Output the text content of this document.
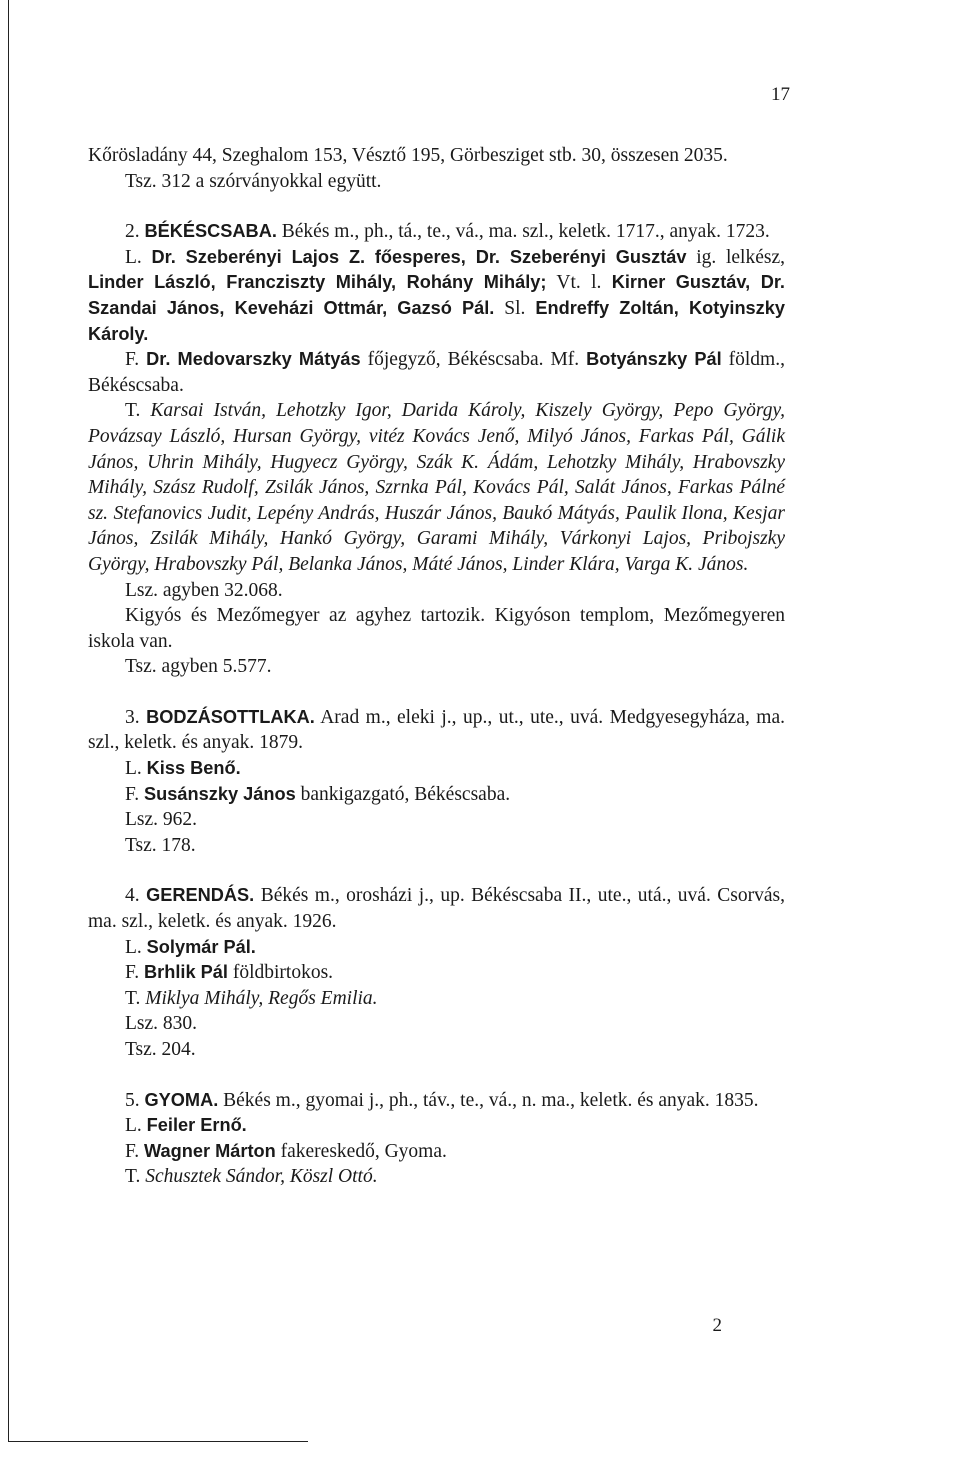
17
Kőrösladány 44, Szeghalom 153, Vésztő 195, Görbesziget stb. 30, összesen 2035.
Tsz. 312 a szórványokkal együtt.
2. BÉKÉSCSABA. Békés m., ph., tá., te., vá., ma. szl., keletk. 1717., anyak. 1723.
L. Dr. Szeberényi Lajos Z. főesperes, Dr. Szeberényi Gusztáv ig. lelkész, Linder László, Francziszty Mihály, Rohány Mihály; Vt. l. Kirner Gusztáv, Dr. Szandai János, Keveházi Ottmár, Gazsó Pál. Sl. Endreffy Zoltán, Kotyinszky Károly.
F. Dr. Medovarszky Mátyás főjegyző, Békéscsaba. Mf. Botyánszky Pál földm., Békéscsaba.
T. Karsai István, Lehotzky Igor, Darida Károly, Kiszely György, Pepo György, Povázsay László, Hursan György, vitéz Kovács Jenő, Milyó János, Farkas Pál, Gálik János, Uhrin Mihály, Hugyecz György, Szák K. Ádám, Lehotzky Mihály, Hrabovszky Mihály, Szász Rudolf, Zsilák János, Szrnka Pál, Kovács Pál, Salát János, Farkas Pálné sz. Stefanovics Judit, Lepény András, Huszár János, Baukó Mátyás, Paulik Ilona, Kesjar János, Zsilák Mihály, Hankó György, Garami Mihály, Várkonyi Lajos, Pribojszky György, Hrabovszky Pál, Belanka János, Máté János, Linder Klára, Varga K. János.
Lsz. agyben 32.068.
Kigyós és Mezőmegyer az agyhez tartozik. Kigyóson templom, Mezőmegyeren iskola van.
Tsz. agyben 5.577.
3. BODZÁSOTTLAKA. Arad m., eleki j., up., ut., ute., uvá. Medgyesegyháza, ma. szl., keletk. és anyak. 1879.
L. Kiss Benő.
F. Susánszky János bankigazgató, Békéscsaba.
Lsz. 962.
Tsz. 178.
4. GERENDÁS. Békés m., orosházi j., up. Békéscsaba II., ute., utá., uvá. Csorvás, ma. szl., keletk. és anyak. 1926.
L. Solymár Pál.
F. Brhlik Pál földbirtokos.
T. Miklya Mihály, Regős Emilia.
Lsz. 830.
Tsz. 204.
5. GYOMA. Békés m., gyomai j., ph., táv., te., vá., n. ma., keletk. és anyak. 1835.
L. Feiler Ernő.
F. Wagner Márton fakereskedő, Gyoma.
T. Schusztek Sándor, Köszl Ottó.
2
